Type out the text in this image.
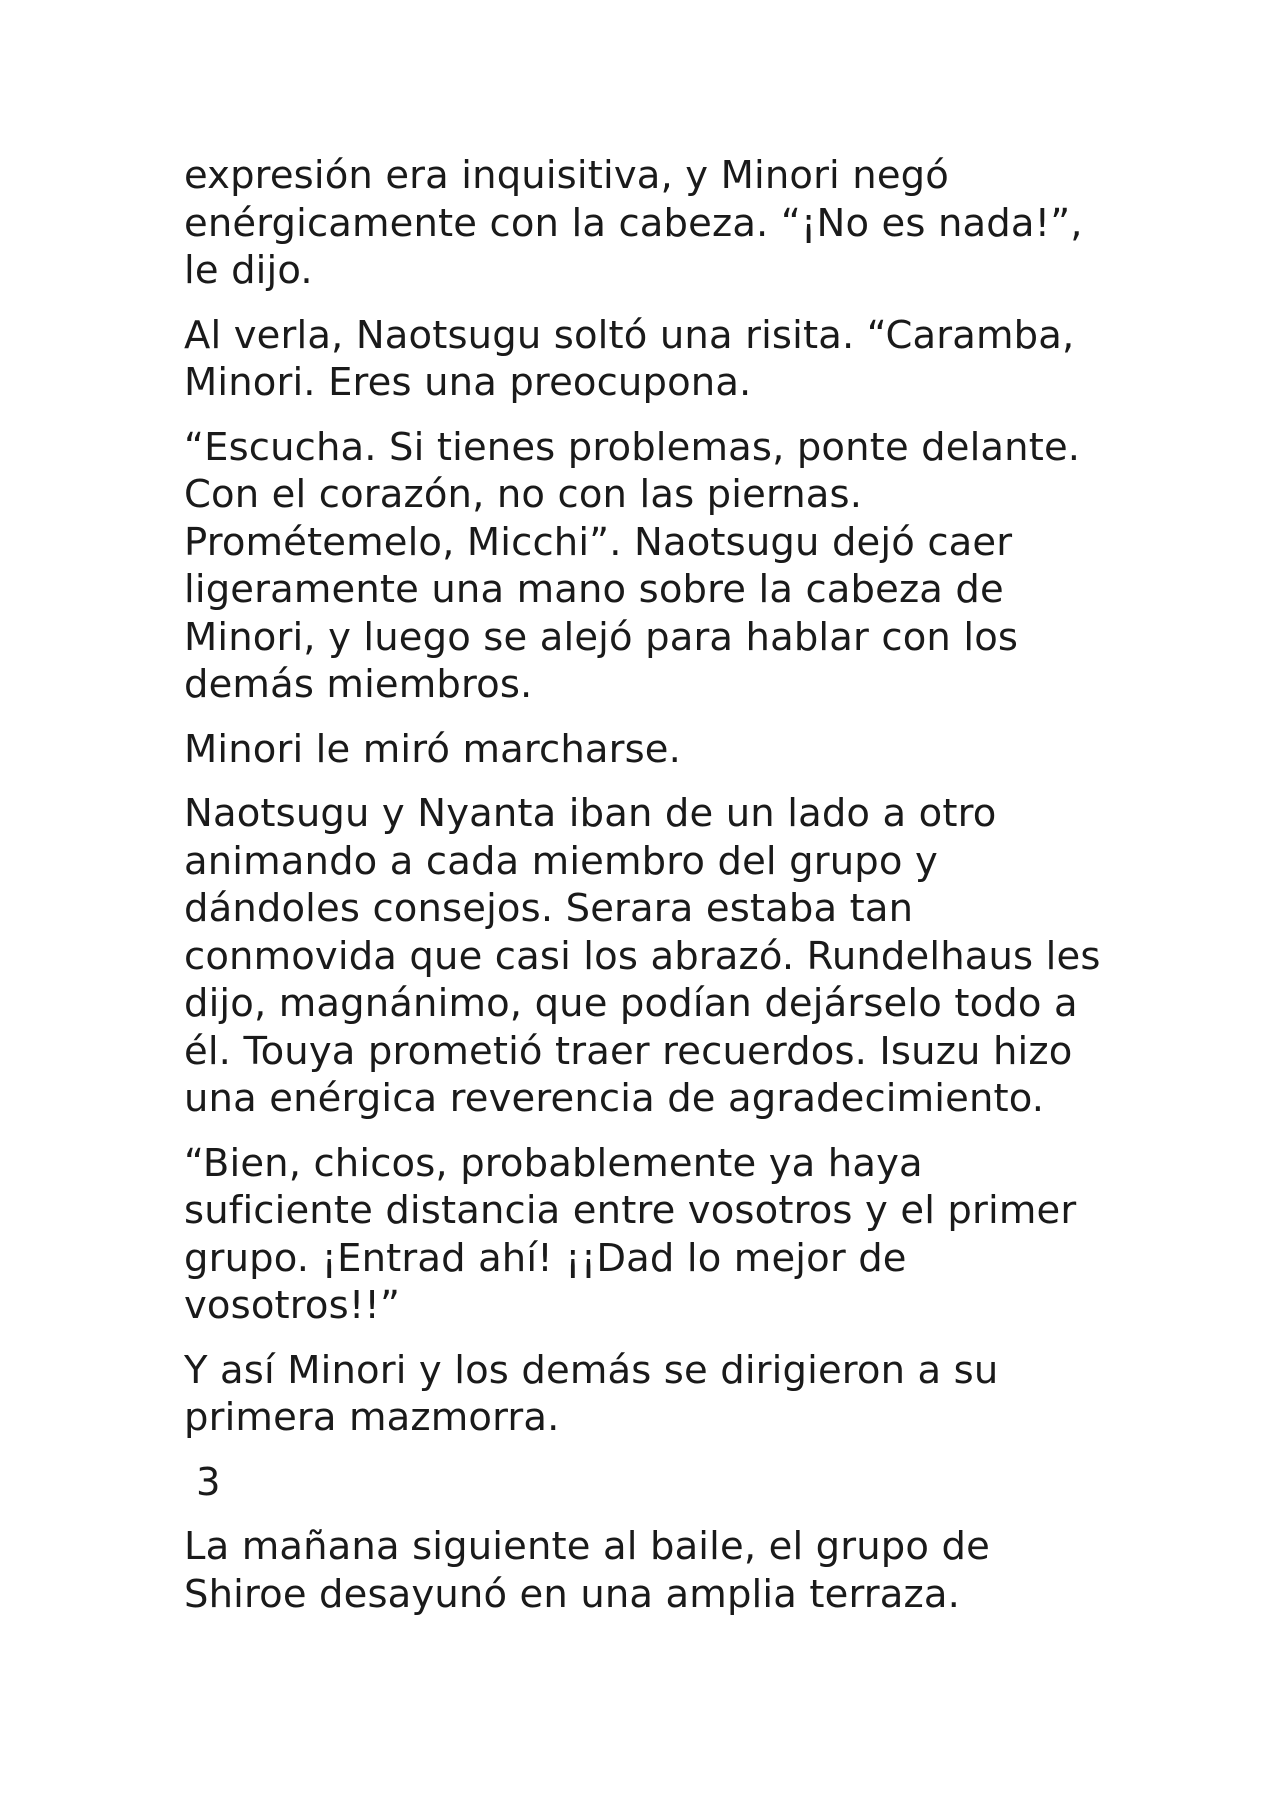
expresión era inquisitiva, y Minori negó enérgicamente con la cabeza. “¡No es nada!”, le dijo.

Al verla, Naotsugu soltó una risita. “Caramba, Minori. Eres una preocupona.

“Escucha. Si tienes problemas, ponte delante. Con el corazón, no con las piernas. Prométemelo, Micchi”. Naotsugu dejó caer ligeramente una mano sobre la cabeza de Minori, y luego se alejó para hablar con los demás miembros.

Minori le miró marcharse.

Naotsugu y Nyanta iban de un lado a otro animando a cada miembro del grupo y dándoles consejos. Serara estaba tan conmovida que casi los abrazó. Rundelhaus les dijo, magnánimo, que podían dejárselo todo a él. Touya prometió traer recuerdos. Isuzu hizo una enérgica reverencia de agradecimiento.

“Bien, chicos, probablemente ya haya suficiente distancia entre vosotros y el primer grupo. ¡Entrad ahí! ¡¡Dad lo mejor de vosotros!!”

Y así Minori y los demás se dirigieron a su primera mazmorra.

3

La mañana siguiente al baile, el grupo de Shiroe desayunó en una amplia terraza.
